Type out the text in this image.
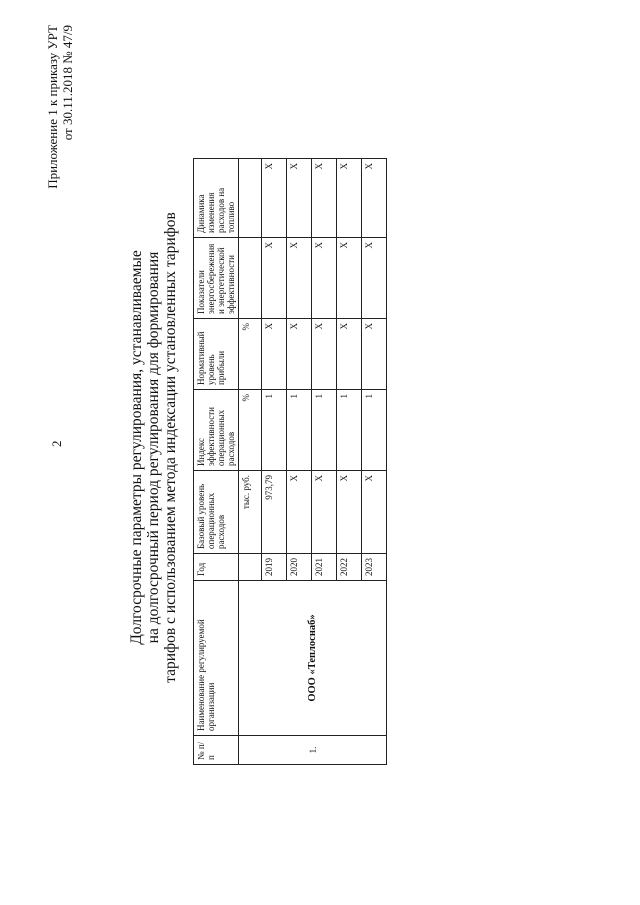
2
Приложение 1 к приказу УРТ от 30.11.2018 № 47/9
Долгосрочные параметры регулирования, устанавливаемые на долгосрочный период регулирования для формирования тарифов с использованием метода индексации установленных тарифов
№ п/п	Наименование регулируемой организации	Год	Базовый уровень операционных расходов	Индекс эффективности операционных расходов	Нормативный уровень прибыли	Показатели энергосбережения и энергетической эффективности	Динамика изменения расходов на топливо
1.	ООО «Теплоснаб»		тыс. руб.	%	%		
		2019	973,79	1	X	X	X
		2020	X	1	X	X	X
		2021	X	1	X	X	X
		2022	X	1	X	X	X
		2023	X	1	X	X	X
